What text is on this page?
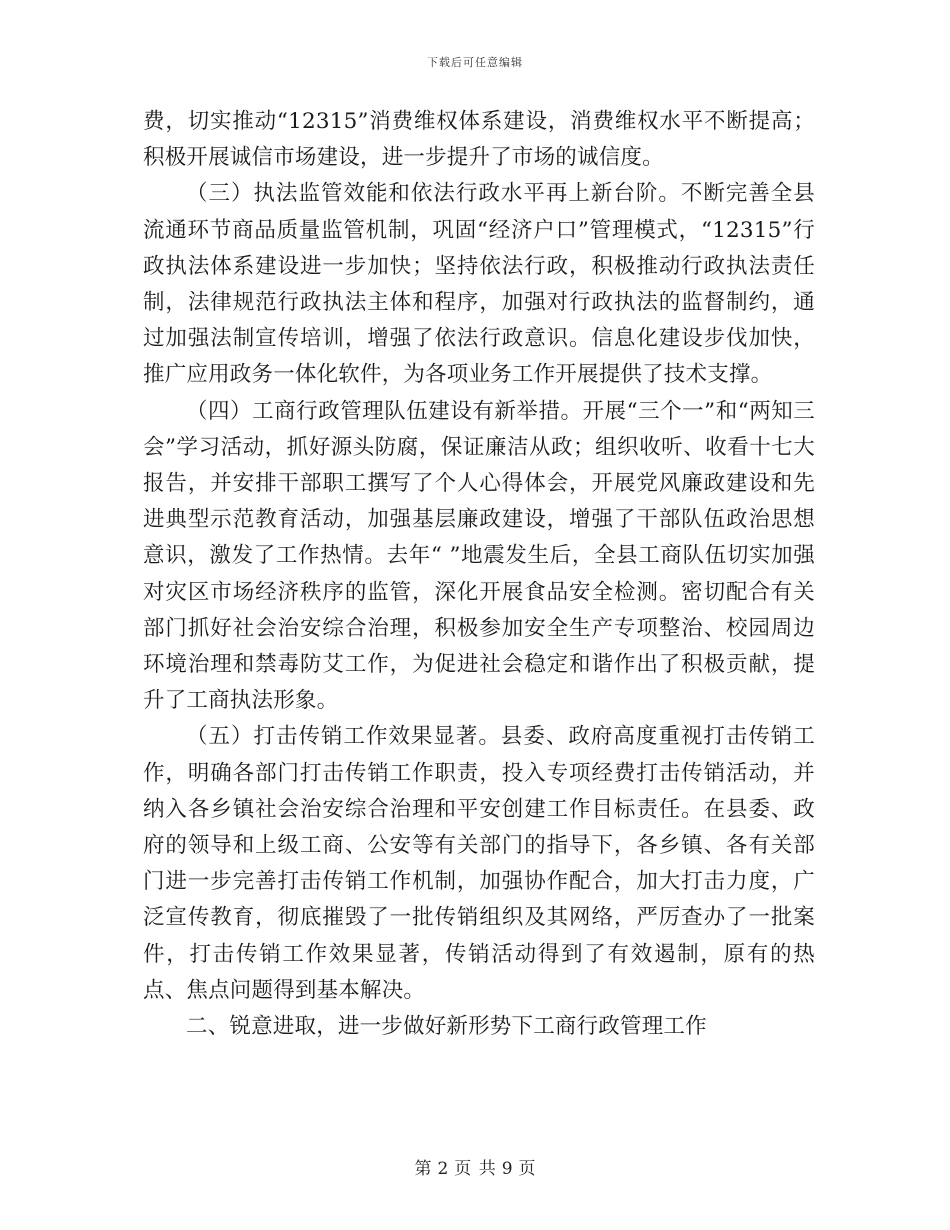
下载后可任意编辑

费，切实推动“12315”消费维权体系建设，消费维权水平不断提高；积极开展诚信市场建设，进一步提升了市场的诚信度。

（三）执法监管效能和依法行政水平再上新台阶。不断完善全县流通环节商品质量监管机制，巩固“经济户口”管理模式，“12315”行政执法体系建设进一步加快；坚持依法行政，积极推动行政执法责任制，法律规范行政执法主体和程序，加强对行政执法的监督制约，通过加强法制宣传培训，增强了依法行政意识。信息化建设步伐加快，推广应用政务一体化软件，为各项业务工作开展提供了技术支撑。

（四）工商行政管理队伍建设有新举措。开展“三个一”和“两知三会”学习活动，抓好源头防腐，保证廉洁从政；组织收听、收看十七大报告，并安排干部职工撰写了个人心得体会，开展党风廉政建设和先进典型示范教育活动，加强基层廉政建设，增强了干部队伍政治思想意识，激发了工作热情。去年“ ”地震发生后，全县工商队伍切实加强对灾区市场经济秩序的监管，深化开展食品安全检测。密切配合有关部门抓好社会治安综合治理，积极参加安全生产专项整治、校园周边环境治理和禁毒防艾工作，为促进社会稳定和谐作出了积极贡献，提升了工商执法形象。

（五）打击传销工作效果显著。县委、政府高度重视打击传销工作，明确各部门打击传销工作职责，投入专项经费打击传销活动，并纳入各乡镇社会治安综合治理和平安创建工作目标责任。在县委、政府的领导和上级工商、公安等有关部门的指导下，各乡镇、各有关部门进一步完善打击传销工作机制，加强协作配合，加大打击力度，广泛宣传教育，彻底摧毁了一批传销组织及其网络，严厉查办了一批案件，打击传销工作效果显著，传销活动得到了有效遏制，原有的热点、焦点问题得到基本解决。

二、锐意进取，进一步做好新形势下工商行政管理工作

第 2 页 共 9 页
